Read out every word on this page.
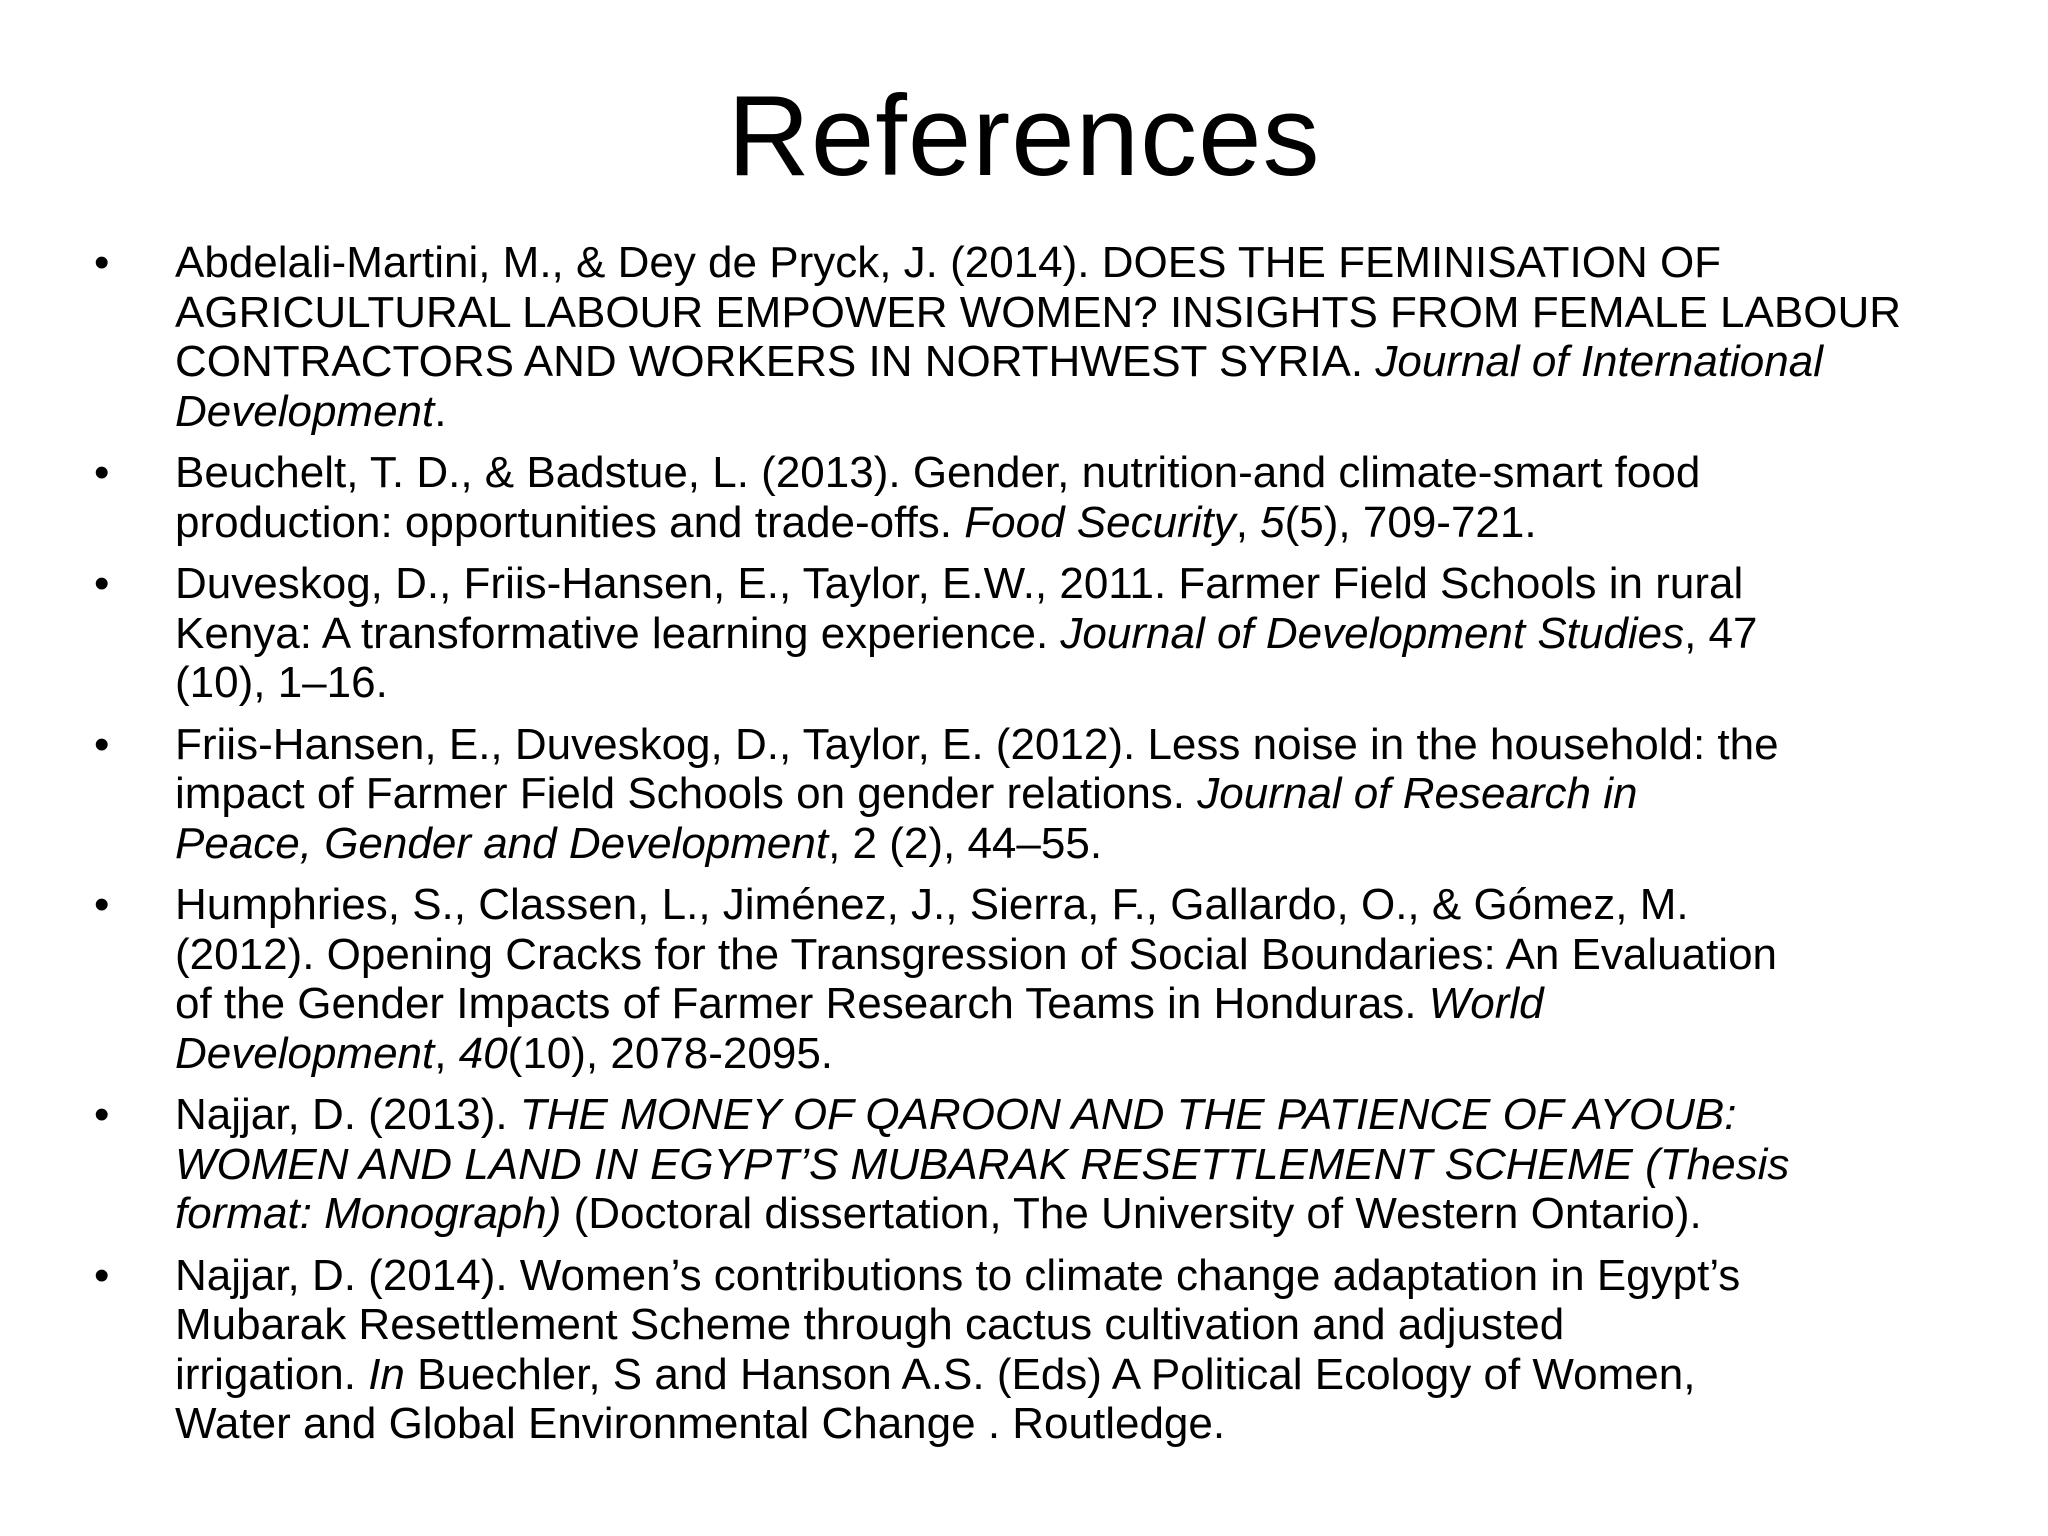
References
• Abdelali-Martini, M., & Dey de Pryck, J. (2014). DOES THE FEMINISATION OF
AGRICULTURAL LABOUR EMPOWER WOMEN? INSIGHTS FROM FEMALE LABOUR
CONTRACTORS AND WORKERS IN NORTHWEST SYRIA. Journal of International
Development.
• Beuchelt, T. D., & Badstue, L. (2013). Gender, nutrition-and climate-smart food
production: opportunities and trade-offs. Food Security, 5(5), 709-721.
• Duveskog, D., Friis-Hansen, E., Taylor, E.W., 2011. Farmer Field Schools in rural
Kenya: A transformative learning experience. Journal of Development Studies, 47
(10), 1–16.
• Friis-Hansen, E., Duveskog, D., Taylor, E. (2012). Less noise in the household: the
impact of Farmer Field Schools on gender relations. Journal of Research in
Peace, Gender and Development, 2 (2), 44–55.
• Humphries, S., Classen, L., Jiménez, J., Sierra, F., Gallardo, O., & Gómez, M.
(2012). Opening Cracks for the Transgression of Social Boundaries: An Evaluation
of the Gender Impacts of Farmer Research Teams in Honduras. World
Development, 40(10), 2078-2095.
• Najjar, D. (2013). THE MONEY OF QAROON AND THE PATIENCE OF AYOUB:
WOMEN AND LAND IN EGYPT’S MUBARAK RESETTLEMENT SCHEME (Thesis
format: Monograph) (Doctoral dissertation, The University of Western Ontario).
• Najjar, D. (2014). Women’s contributions to climate change adaptation in Egypt’s
Mubarak Resettlement Scheme through cactus cultivation and adjusted
irrigation. In Buechler, S and Hanson A.S. (Eds) A Political Ecology of Women,
Water and Global Environmental Change . Routledge.
